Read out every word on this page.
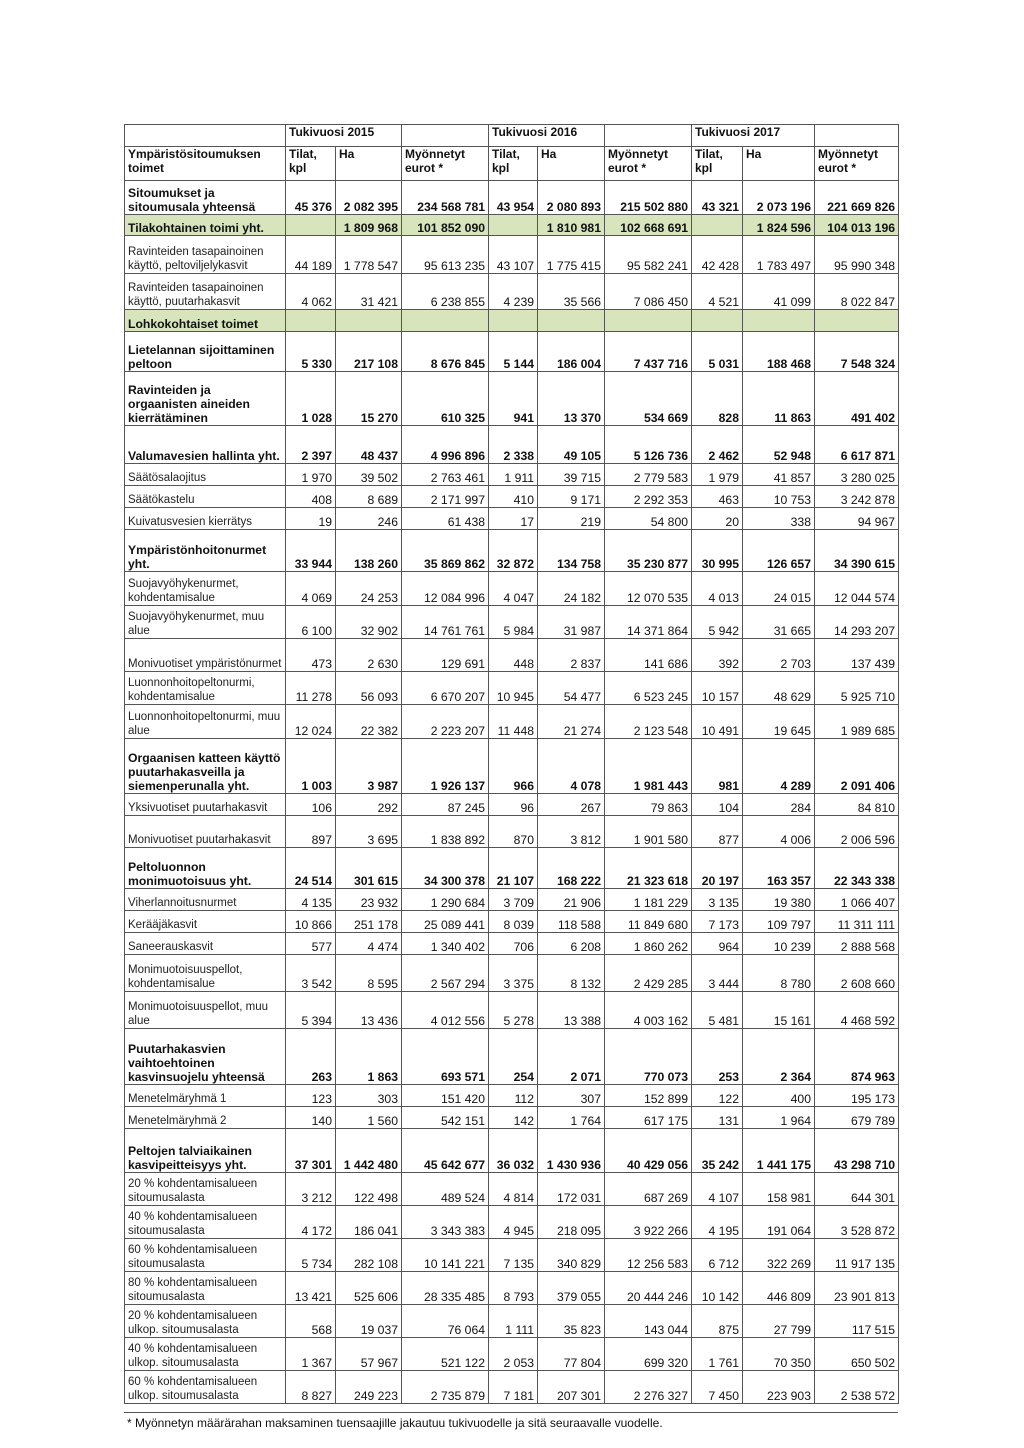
	Tukivuosi 2015			Tukivuosi 2016			Tukivuosi 2017		
Ympäristösitoumuksen toimet	Tilat, kpl	Ha	Myönnetyt eurot *	Tilat, kpl	Ha	Myönnetyt eurot *	Tilat, kpl	Ha	Myönnetyt eurot *
Sitoumukset ja sitoumusala yhteensä	45 376	2 082 395	234 568 781	43 954	2 080 893	215 502 880	43 321	2 073 196	221 669 826
Tilakohtainen toimi yht.		1 809 968	101 852 090		1 810 981	102 668 691		1 824 596	104 013 196
Ravinteiden tasapainoinen käyttö, peltoviljelykasvit	44 189	1 778 547	95 613 235	43 107	1 775 415	95 582 241	42 428	1 783 497	95 990 348
Ravinteiden tasapainoinen käyttö, puutarhakasvit	4 062	31 421	6 238 855	4 239	35 566	7 086 450	4 521	41 099	8 022 847
Lohkokohtaiset toimet									
Lietelannan sijoittaminen peltoon	5 330	217 108	8 676 845	5 144	186 004	7 437 716	5 031	188 468	7 548 324
Ravinteiden ja orgaanisten aineiden kierrätäminen	1 028	15 270	610 325	941	13 370	534 669	828	11 863	491 402
Valumavesien hallinta yht.	2 397	48 437	4 996 896	2 338	49 105	5 126 736	2 462	52 948	6 617 871
Säätösalaojitus	1 970	39 502	2 763 461	1 911	39 715	2 779 583	1 979	41 857	3 280 025
Säätökastelu	408	8 689	2 171 997	410	9 171	2 292 353	463	10 753	3 242 878
Kuivatusvesien kierrätys	19	246	61 438	17	219	54 800	20	338	94 967
Ympäristönhoitonurmet yht.	33 944	138 260	35 869 862	32 872	134 758	35 230 877	30 995	126 657	34 390 615
Suojavyöhykenurmet, kohdentamisalue	4 069	24 253	12 084 996	4 047	24 182	12 070 535	4 013	24 015	12 044 574
Suojavyöhykenurmet, muu alue	6 100	32 902	14 761 761	5 984	31 987	14 371 864	5 942	31 665	14 293 207
Monivuotiset ympäristönurmet	473	2 630	129 691	448	2 837	141 686	392	2 703	137 439
Luonnonhoitopeltonurmi, kohdentamisalue	11 278	56 093	6 670 207	10 945	54 477	6 523 245	10 157	48 629	5 925 710
Luonnonhoitopeltonurmi, muu alue	12 024	22 382	2 223 207	11 448	21 274	2 123 548	10 491	19 645	1 989 685
Orgaanisen katteen käyttö puutarhakasveilla ja siemenperunalla yht.	1 003	3 987	1 926 137	966	4 078	1 981 443	981	4 289	2 091 406
Yksivuotiset puutarhakasvit	106	292	87 245	96	267	79 863	104	284	84 810
Monivuotiset puutarhakasvit	897	3 695	1 838 892	870	3 812	1 901 580	877	4 006	2 006 596
Peltoluonnon monimuotoisuus yht.	24 514	301 615	34 300 378	21 107	168 222	21 323 618	20 197	163 357	22 343 338
Viherlannoitusnurmet	4 135	23 932	1 290 684	3 709	21 906	1 181 229	3 135	19 380	1 066 407
Kerääjäkasvit	10 866	251 178	25 089 441	8 039	118 588	11 849 680	7 173	109 797	11 311 111
Saneerauskasvit	577	4 474	1 340 402	706	6 208	1 860 262	964	10 239	2 888 568
Monimuotoisuuspellot, kohdentamisalue	3 542	8 595	2 567 294	3 375	8 132	2 429 285	3 444	8 780	2 608 660
Monimuotoisuuspellot, muu alue	5 394	13 436	4 012 556	5 278	13 388	4 003 162	5 481	15 161	4 468 592
Puutarhakasvien vaihtoehtoinen kasvinsuojelu yhteensä	263	1 863	693 571	254	2 071	770 073	253	2 364	874 963
Menetelmäryhmä 1	123	303	151 420	112	307	152 899	122	400	195 173
Menetelmäryhmä 2	140	1 560	542 151	142	1 764	617 175	131	1 964	679 789
Peltojen talviaikainen kasvipeitteisyys yht.	37 301	1 442 480	45 642 677	36 032	1 430 936	40 429 056	35 242	1 441 175	43 298 710
20 % kohdentamisalueen sitoumusalasta	3 212	122 498	489 524	4 814	172 031	687 269	4 107	158 981	644 301
40 % kohdentamisalueen sitoumusalasta	4 172	186 041	3 343 383	4 945	218 095	3 922 266	4 195	191 064	3 528 872
60 % kohdentamisalueen sitoumusalasta	5 734	282 108	10 141 221	7 135	340 829	12 256 583	6 712	322 269	11 917 135
80 % kohdentamisalueen sitoumusalasta	13 421	525 606	28 335 485	8 793	379 055	20 444 246	10 142	446 809	23 901 813
20 % kohdentamisalueen ulkop. sitoumusalasta	568	19 037	76 064	1 111	35 823	143 044	875	27 799	117 515
40 % kohdentamisalueen ulkop. sitoumusalasta	1 367	57 967	521 122	2 053	77 804	699 320	1 761	70 350	650 502
60 % kohdentamisalueen ulkop. sitoumusalasta	8 827	249 223	2 735 879	7 181	207 301	2 276 327	7 450	223 903	2 538 572
* Myönnetyn määrärahan maksaminen tuensaajille jakautuu tukivuodelle ja sitä seuraavalle vuodelle.
